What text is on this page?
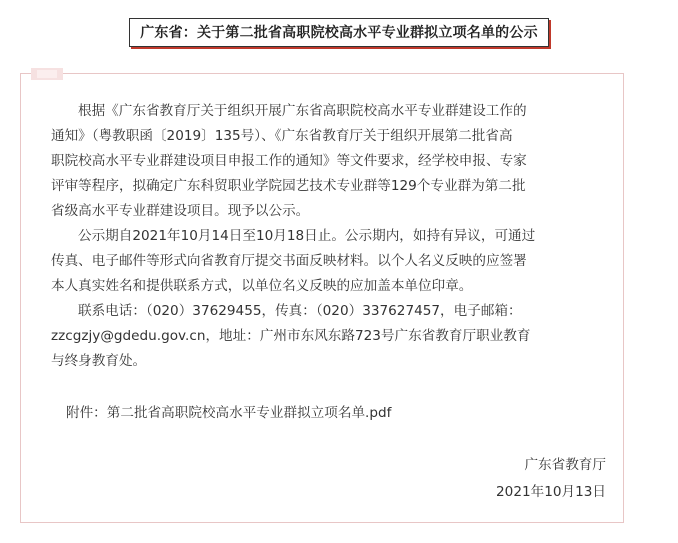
广东省：关于第二批省高职院校高水平专业群拟立项名单的公示

根据《广东省教育厅关于组织开展广东省高职院校高水平专业群建设工作的
通知》（粤教职函〔2019〕135号）、《广东省教育厅关于组织开展第二批省高
职院校高水平专业群建设项目申报工作的通知》等文件要求，经学校申报、专家
评审等程序，拟确定广东科贸职业学院园艺技术专业群等129个专业群为第二批
省级高水平专业群建设项目。现予以公示。

公示期自2021年10月14日至10月18日止。公示期内，如持有异议，可通过
传真、电子邮件等形式向省教育厅提交书面反映材料。以个人名义反映的应签署
本人真实姓名和提供联系方式，以单位名义反映的应加盖本单位印章。

联系电话：（020）37629455，传真：（020）337627457，电子邮箱：
zzcgzjy@gdedu.gov.cn，地址：广州市东风东路723号广东省教育厅职业教育
与终身教育处。

附件：第二批省高职院校高水平专业群拟立项名单.pdf
广东省教育厅
2021年10月13日
